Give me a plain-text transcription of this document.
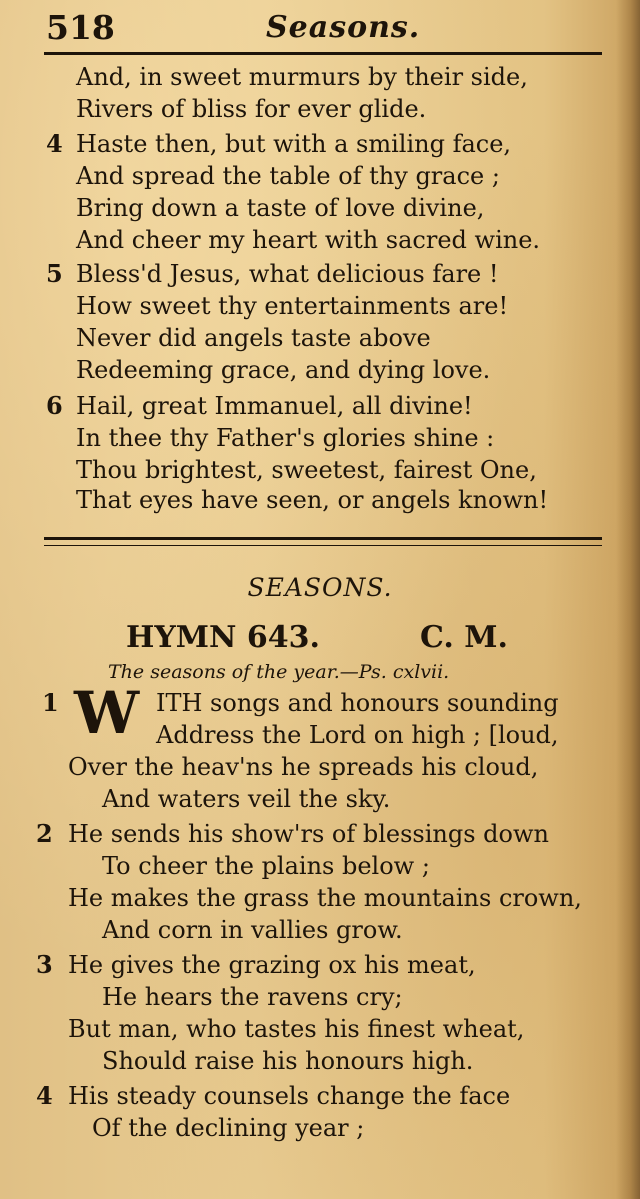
518	Seasons.
And, in sweet murmurs by their side,
Rivers of bliss for ever glide.
4 Haste then, but with a smiling face,
And spread the table of thy grace ;
Bring down a taste of love divine,
And cheer my heart with sacred wine.
5 Bless'd Jesus, what delicious fare !
How sweet thy entertainments are!
Never did angels taste above
Redeeming grace, and dying love.
6 Hail, great Immanuel, all divine!
In thee thy Father's glories shine :
Thou brightest, sweetest, fairest One,
That eyes have seen, or angels known!
SEASONS.
HYMN 643.	C. M.
The seasons of the year.—Ps. cxlvii.
1 W ITH songs and honours sounding
Address the Lord on high ; [loud,
Over the heav'ns he spreads his cloud,
And waters veil the sky.
2 He sends his show'rs of blessings down
To cheer the plains below ;
He makes the grass the mountains crown,
And corn in vallies grow.
3 He gives the grazing ox his meat,
He hears the ravens cry;
But man, who tastes his finest wheat,
Should raise his honours high.
4 His steady counsels change the face
Of the declining year ;
